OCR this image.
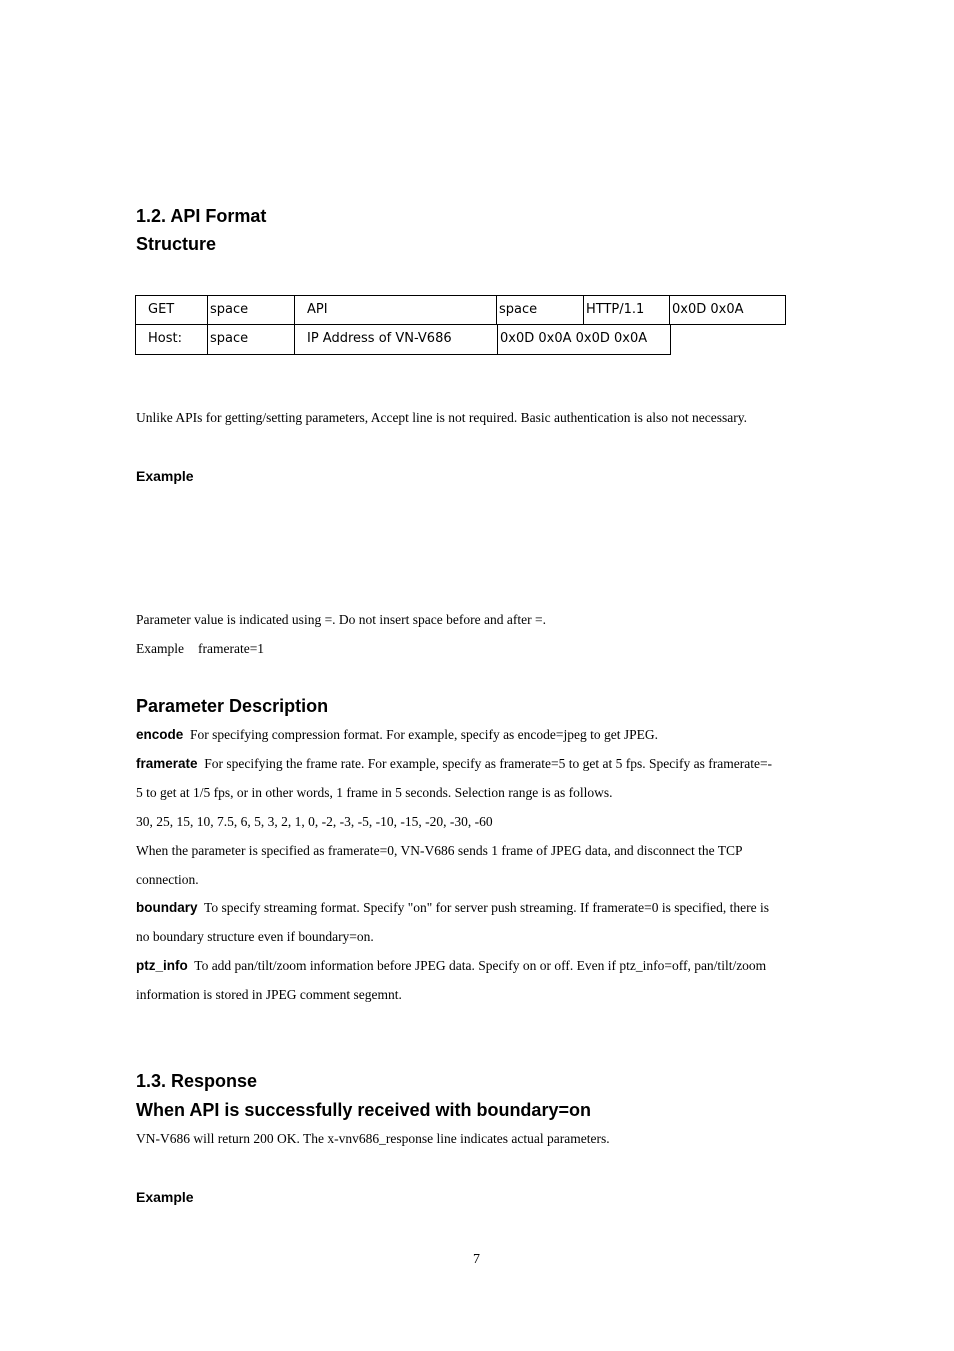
1.2. API Format
Structure
GET	space	API	space	HTTP/1.1	0x0D 0x0A
Host:	space	IP Address of VN-V686	0x0D 0x0A 0x0D 0x0A
Unlike APIs for getting/setting parameters, Accept line is not required. Basic authentication is also not necessary.
Example
Parameter value is indicated using =. Do not insert space before and after =.
Example framerate=1
Parameter Description
encode For specifying compression format. For example, specify as encode=jpeg to get JPEG.
framerate For specifying the frame rate. For example, specify as framerate=5 to get at 5 fps. Specify as framerate=-
5 to get at 1/5 fps, or in other words, 1 frame in 5 seconds. Selection range is as follows.
30, 25, 15, 10, 7.5, 6, 5, 3, 2, 1, 0, -2, -3, -5, -10, -15, -20, -30, -60
When the parameter is specified as framerate=0, VN-V686 sends 1 frame of JPEG data, and disconnect the TCP
connection.
boundary To specify streaming format. Specify "on" for server push streaming. If framerate=0 is specified, there is
no boundary structure even if boundary=on.
ptz_info To add pan/tilt/zoom information before JPEG data. Specify on or off. Even if ptz_info=off, pan/tilt/zoom
information is stored in JPEG comment segemnt.
1.3. Response
When API is successfully received with boundary=on
VN-V686 will return 200 OK. The x-vnv686_response line indicates actual parameters.
Example
7
